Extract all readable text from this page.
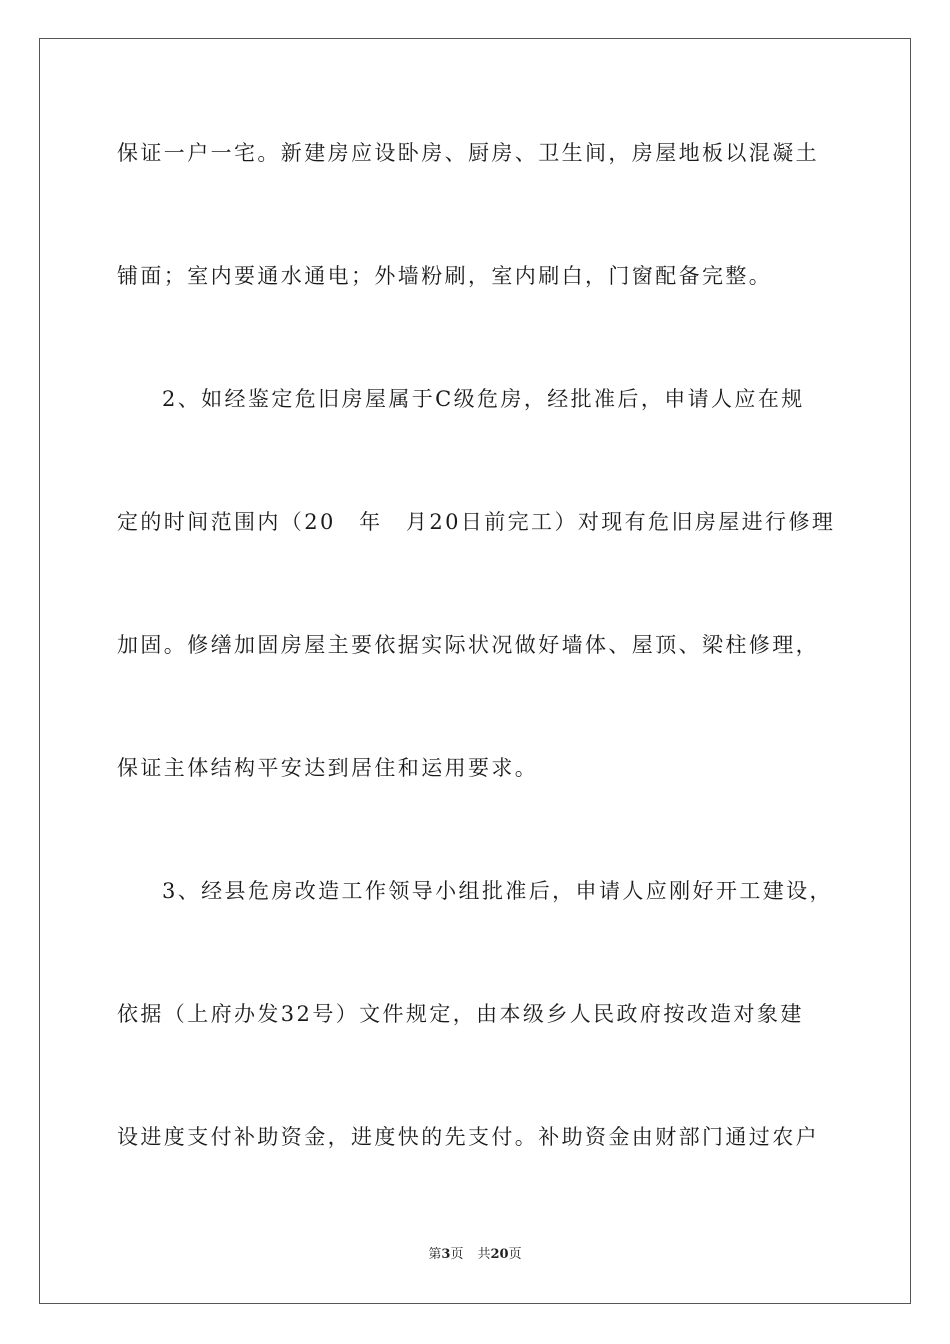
保证一户一宅。新建房应设卧房、厨房、卫生间，房屋地板以混凝土
铺面；室内要通水通电；外墙粉刷，室内刷白，门窗配备完整。
2、如经鉴定危旧房屋属于C级危房，经批准后，申请人应在规
定的时间范围内（20　年　月20日前完工）对现有危旧房屋进行修理
加固。修缮加固房屋主要依据实际状况做好墙体、屋顶、梁柱修理，
保证主体结构平安达到居住和运用要求。
3、经县危房改造工作领导小组批准后，申请人应刚好开工建设，
依据（上府办发32号）文件规定，由本级乡人民政府按改造对象建
设进度支付补助资金，进度快的先支付。补助资金由财部门通过农户
第3页 共20页
